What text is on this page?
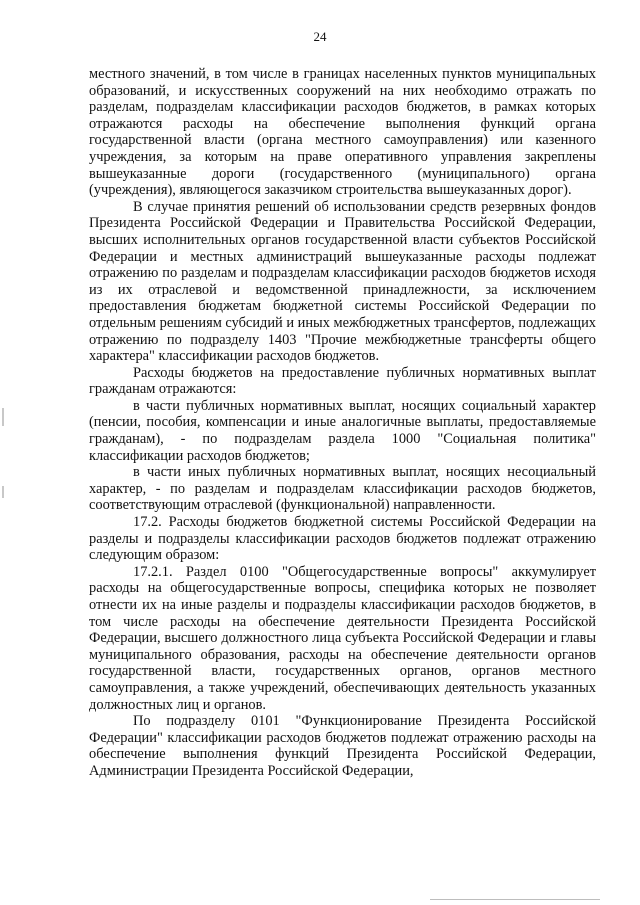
24

местного значений, в том числе в границах населенных пунктов муниципальных образований, и искусственных сооружений на них необходимо отражать по разделам, подразделам классификации расходов бюджетов, в рамках которых отражаются расходы на обеспечение выполнения функций органа государственной власти (органа местного самоуправления) или казенного учреждения, за которым на праве оперативного управления закреплены вышеуказанные дороги (государственного (муниципального) органа (учреждения), являющегося заказчиком строительства вышеуказанных дорог).

В случае принятия решений об использовании средств резервных фондов Президента Российской Федерации и Правительства Российской Федерации, высших исполнительных органов государственной власти субъектов Российской Федерации и местных администраций вышеуказанные расходы подлежат отражению по разделам и подразделам классификации расходов бюджетов исходя из их отраслевой и ведомственной принадлежности, за исключением предоставления бюджетам бюджетной системы Российской Федерации по отдельным решениям субсидий и иных межбюджетных трансфертов, подлежащих отражению по подразделу 1403 "Прочие межбюджетные трансферты общего характера" классификации расходов бюджетов.

Расходы бюджетов на предоставление публичных нормативных выплат гражданам отражаются:

в части публичных нормативных выплат, носящих социальный характер (пенсии, пособия, компенсации и иные аналогичные выплаты, предоставляемые гражданам), - по подразделам раздела 1000 "Социальная политика" классификации расходов бюджетов;

в части иных публичных нормативных выплат, носящих несоциальный характер, - по разделам и подразделам классификации расходов бюджетов, соответствующим отраслевой (функциональной) направленности.

17.2. Расходы бюджетов бюджетной системы Российской Федерации на разделы и подразделы классификации расходов бюджетов подлежат отражению следующим образом:

17.2.1. Раздел 0100 "Общегосударственные вопросы" аккумулирует расходы на общегосударственные вопросы, специфика которых не позволяет отнести их на иные разделы и подразделы классификации расходов бюджетов, в том числе расходы на обеспечение деятельности Президента Российской Федерации, высшего должностного лица субъекта Российской Федерации и главы муниципального образования, расходы на обеспечение деятельности органов государственной власти, государственных органов, органов местного самоуправления, а также учреждений, обеспечивающих деятельность указанных должностных лиц и органов.

По подразделу 0101 "Функционирование Президента Российской Федерации" классификации расходов бюджетов подлежат отражению расходы на обеспечение выполнения функций Президента Российской Федерации, Администрации Президента Российской Федерации,
